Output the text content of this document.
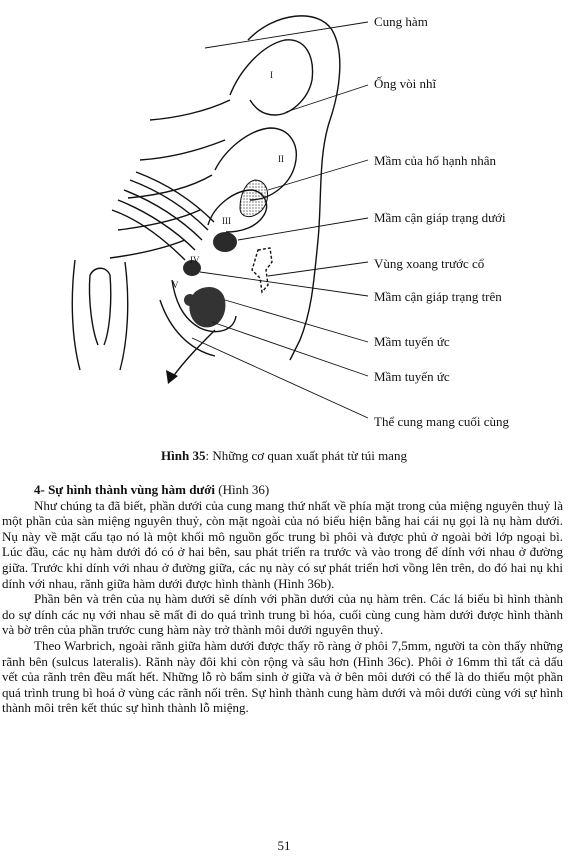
I
II
III
IV
V
Cung hàm
Ống vòi nhĩ
Mầm của hố hạnh nhân
Mầm cận giáp trạng dưới
Vùng xoang trước cổ
Mầm cận giáp trạng trên
Mầm tuyến ức
Mầm tuyến ức
Thể cung mang cuối cùng
Hình 35: Những cơ quan xuất phát từ túi mang

4- Sự hình thành vùng hàm dưới (Hình 36)

Như chúng ta đã biết, phần dưới của cung mang thứ nhất về phía mặt trong của miệng nguyên thuỷ là một phần của sàn miệng nguyên thuỷ, còn mặt ngoài của nó biểu hiện bằng hai cái nụ gọi là nụ hàm dưới. Nụ này về mặt cấu tạo nó là một khối mô nguồn gốc trung bì phôi và được phủ ở ngoài bởi lớp ngoại bì. Lúc đầu, các nụ hàm dưới đó có ở hai bên, sau phát triển ra trước và vào trong để dính với nhau ở đường giữa. Trước khi dính với nhau ở đường giữa, các nụ này có sự phát triển hơi vồng lên trên, do đó hai nụ khi dính với nhau, rãnh giữa hàm dưới được hình thành (Hình 36b).

Phần bên và trên của nụ hàm dưới sẽ dính với phần dưới của nụ hàm trên. Các lá biểu bì hình thành do sự dính các nụ với nhau sẽ mất đi do quá trình trung bì hóa, cuối cùng cung hàm dưới được hình thành và bờ trên của phần trước cung hàm này trở thành môi dưới nguyên thuỷ.

Theo Warbrich, ngoài rãnh giữa hàm dưới được thấy rõ ràng ở phôi 7,5mm, người ta còn thấy những rãnh bên (sulcus lateralis). Rãnh này đôi khi còn rộng và sâu hơn (Hình 36c). Phôi ở 16mm thì tất cả dấu vết của rãnh trên đều mất hết. Những lỗ rò bẩm sinh ở giữa và ở bên môi dưới có thể là do thiếu một phần quá trình trung bì hoá ở vùng các rãnh nối trên. Sự hình thành cung hàm dưới và môi dưới cùng với sự hình thành môi trên kết thúc sự hình thành lỗ miệng.

51
